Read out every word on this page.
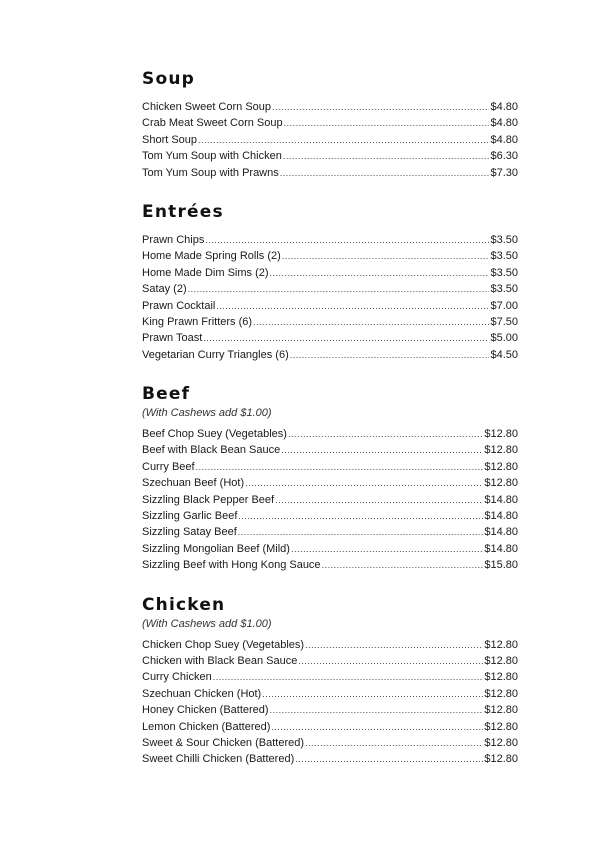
Soup
Chicken Sweet Corn Soup .....	$4.80
Crab Meat Sweet Corn Soup .....	$4.80
Short Soup .....	$4.80
Tom Yum Soup with Chicken .....	$6.30
Tom Yum Soup with Prawns .....	$7.30
Entrées
Prawn Chips .....	$3.50
Home Made Spring Rolls (2) .....	$3.50
Home Made Dim Sims (2) .....	$3.50
Satay (2) .....	$3.50
Prawn Cocktail .....	$7.00
King Prawn Fritters (6) .....	$7.50
Prawn Toast .....	$5.00
Vegetarian Curry Triangles (6) .....	$4.50
Beef
(With Cashews add $1.00)
Beef Chop Suey (Vegetables) .....	$12.80
Beef with Black Bean Sauce .....	$12.80
Curry Beef .....	$12.80
Szechuan Beef (Hot) .....	$12.80
Sizzling Black Pepper Beef .....	$14.80
Sizzling Garlic Beef .....	$14.80
Sizzling Satay Beef .....	$14.80
Sizzling Mongolian Beef (Mild) .....	$14.80
Sizzling Beef with Hong Kong Sauce .....	$15.80
Chicken
(With Cashews add $1.00)
Chicken Chop Suey (Vegetables) .....	$12.80
Chicken with Black Bean Sauce .....	$12.80
Curry Chicken .....	$12.80
Szechuan Chicken (Hot) .....	$12.80
Honey Chicken (Battered) .....	$12.80
Lemon Chicken (Battered) .....	$12.80
Sweet & Sour Chicken (Battered) .....	$12.80
Sweet Chilli Chicken (Battered) .....	$12.80
